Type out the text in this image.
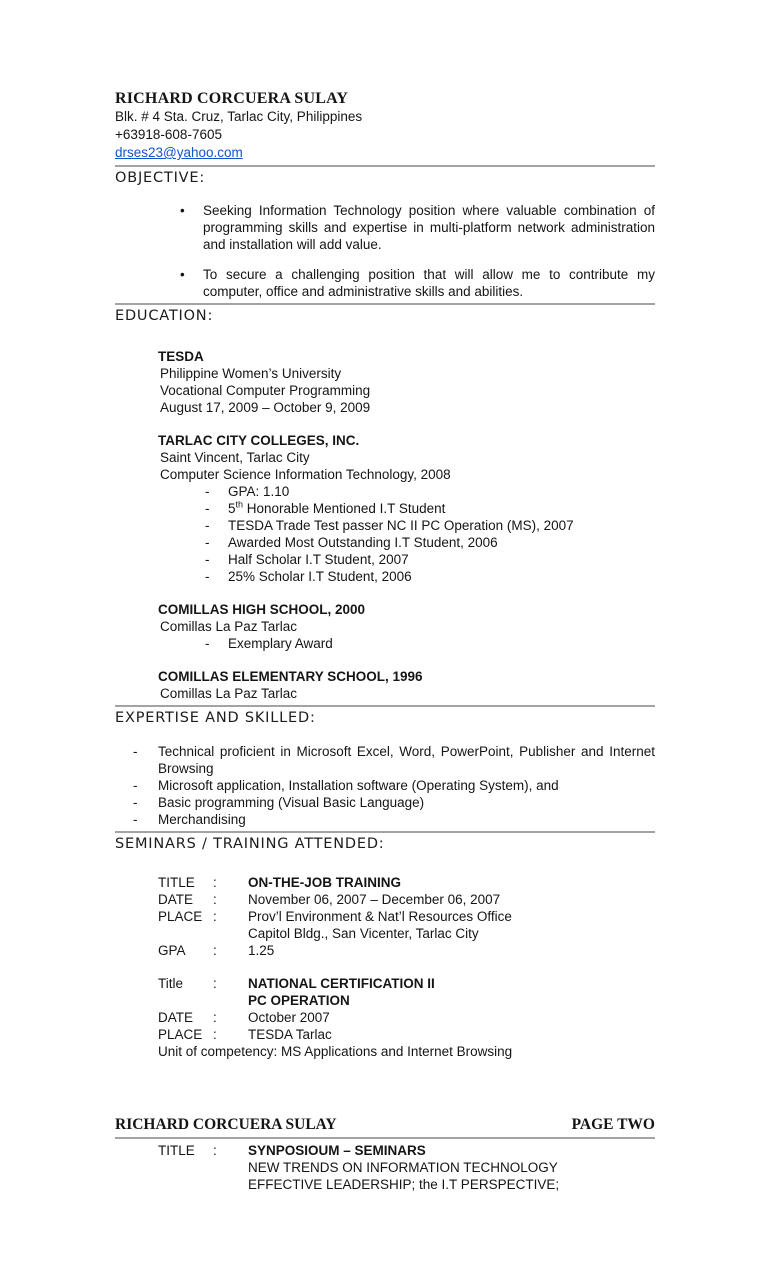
RICHARD CORCUERA SULAY
Blk. # 4 Sta. Cruz, Tarlac City, Philippines
+63918-608-7605
drses23@yahoo.com
OBJECTIVE:
• Seeking Information Technology position where valuable combination of programming skills and expertise in multi-platform network administration and installation will add value.
• To secure a challenging position that will allow me to contribute my computer, office and administrative skills and abilities.
EDUCATION:
TESDA
Philippine Women’s University
Vocational Computer Programming
August 17, 2009 – October 9, 2009
TARLAC CITY COLLEGES, INC.
Saint Vincent, Tarlac City
Computer Science Information Technology, 2008
- GPA: 1.10
- 5th Honorable Mentioned I.T Student
- TESDA Trade Test passer NC II PC Operation (MS), 2007
- Awarded Most Outstanding I.T Student, 2006
- Half Scholar I.T Student, 2007
- 25% Scholar I.T Student, 2006
COMILLAS HIGH SCHOOL, 2000
Comillas La Paz Tarlac
- Exemplary Award
COMILLAS ELEMENTARY SCHOOL, 1996
Comillas La Paz Tarlac
EXPERTISE AND SKILLED:
- Technical proficient in Microsoft Excel, Word, PowerPoint, Publisher and Internet Browsing
- Microsoft application, Installation software (Operating System), and
- Basic programming (Visual Basic Language)
- Merchandising
SEMINARS / TRAINING ATTENDED:
TITLE	:	ON-THE-JOB TRAINING
DATE	:	November 06, 2007 – December 06, 2007
PLACE :	Prov’l Environment & Nat’l Resources Office
Capitol Bldg., San Vicenter, Tarlac City
GPA	:	1.25
Title	:	NATIONAL CERTIFICATION II
PC OPERATION
DATE	:	October 2007
PLACE :	TESDA Tarlac
Unit of competency: MS Applications and Internet Browsing
RICHARD CORCUERA SULAY	PAGE TWO
TITLE	:	SYNPOSIOUM – SEMINARS
NEW TRENDS ON INFORMATION TECHNOLOGY
EFFECTIVE LEADERSHIP; the I.T PERSPECTIVE;
